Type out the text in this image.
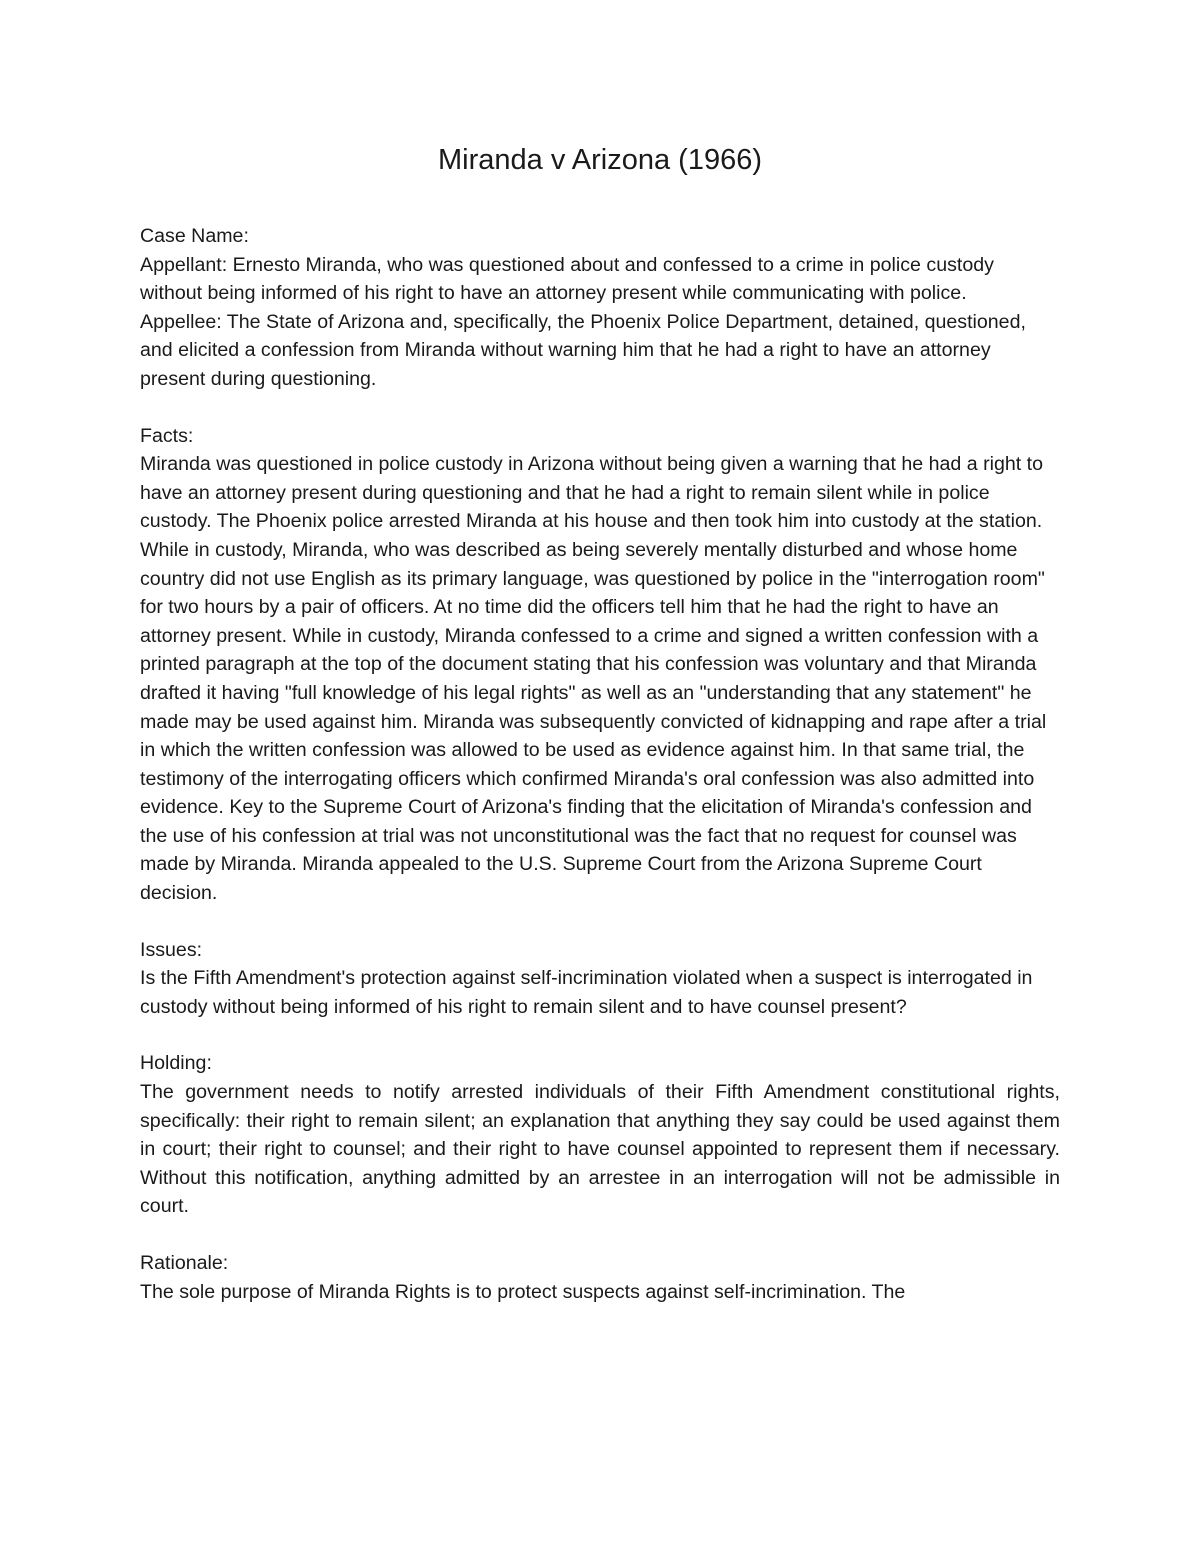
Miranda v Arizona (1966)

Case Name:

Appellant: Ernesto Miranda, who was questioned about and confessed to a crime in police custody without being informed of his right to have an attorney present while communicating with police.

Appellee: The State of Arizona and, specifically, the Phoenix Police Department, detained, questioned, and elicited a confession from Miranda without warning him that he had a right to have an attorney present during questioning.

Facts:

Miranda was questioned in police custody in Arizona without being given a warning that he had a right to have an attorney present during questioning and that he had a right to remain silent while in police custody. The Phoenix police arrested Miranda at his house and then took him into custody at the station. While in custody, Miranda, who was described as being severely mentally disturbed and whose home country did not use English as its primary language, was questioned by police in the "interrogation room" for two hours by a pair of officers. At no time did the officers tell him that he had the right to have an attorney present. While in custody, Miranda confessed to a crime and signed a written confession with a printed paragraph at the top of the document stating that his confession was voluntary and that Miranda drafted it having "full knowledge of his legal rights" as well as an "understanding that any statement" he made may be used against him. Miranda was subsequently convicted of kidnapping and rape after a trial in which the written confession was allowed to be used as evidence against him. In that same trial, the testimony of the interrogating officers which confirmed Miranda's oral confession was also admitted into evidence. Key to the Supreme Court of Arizona's finding that the elicitation of Miranda's confession and the use of his confession at trial was not unconstitutional was the fact that no request for counsel was made by Miranda. Miranda appealed to the U.S. Supreme Court from the Arizona Supreme Court decision.

Issues:

Is the Fifth Amendment's protection against self-incrimination violated when a suspect is interrogated in custody without being informed of his right to remain silent and to have counsel present?

Holding:

The government needs to notify arrested individuals of their Fifth Amendment constitutional rights, specifically: their right to remain silent; an explanation that anything they say could be used against them in court; their right to counsel; and their right to have counsel appointed to represent them if necessary. Without this notification, anything admitted by an arrestee in an interrogation will not be admissible in court.

Rationale:

The sole purpose of Miranda Rights is to protect suspects against self-incrimination. The
